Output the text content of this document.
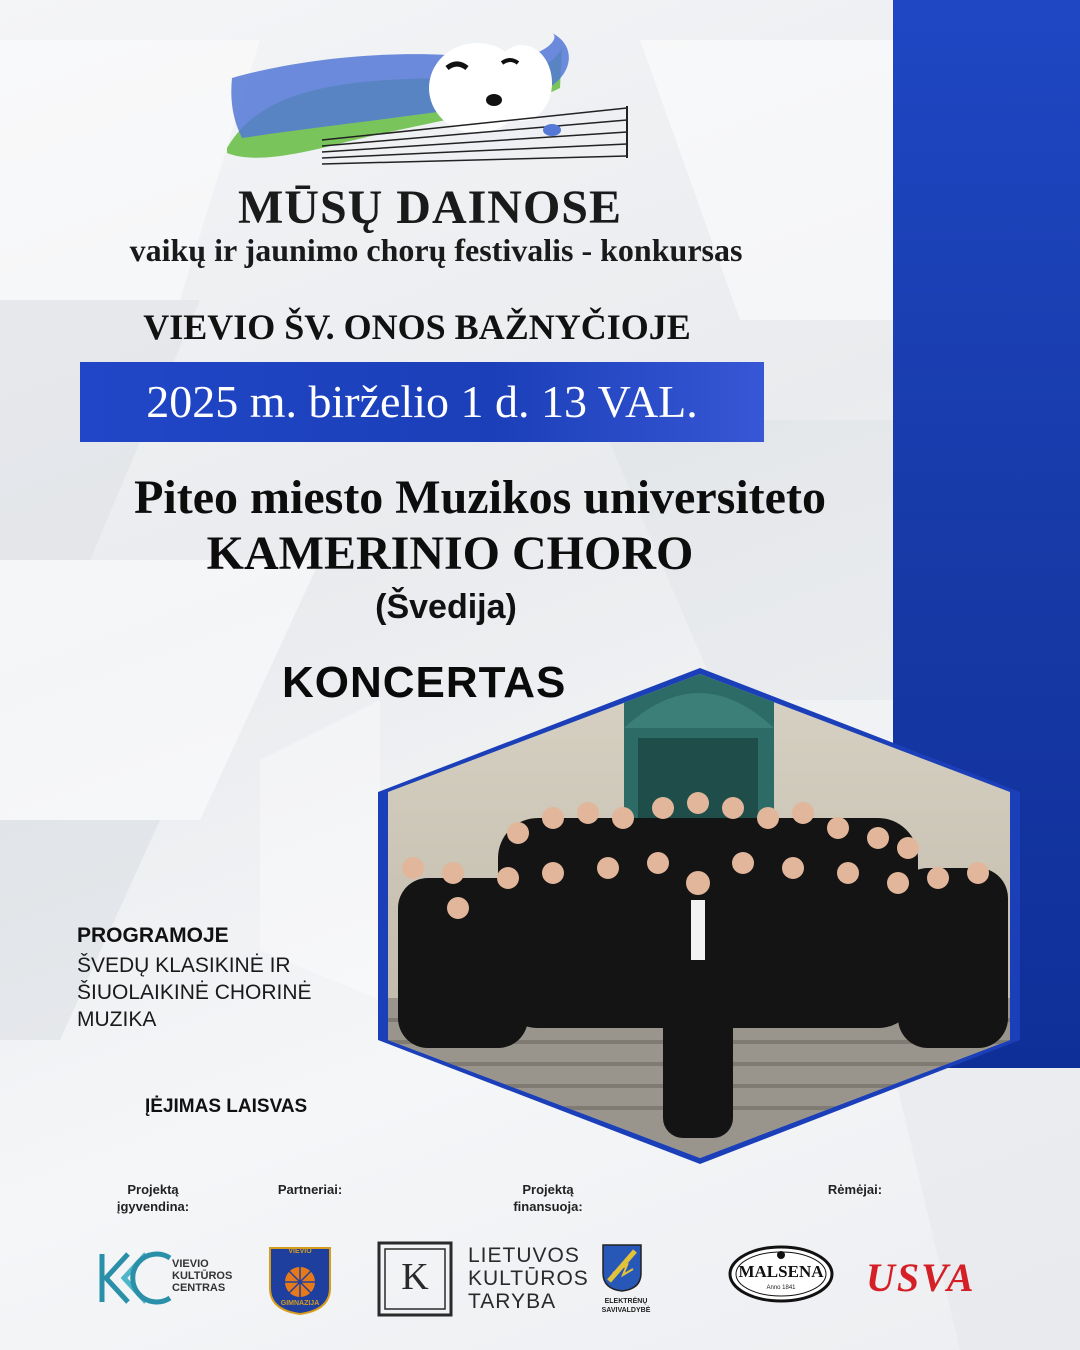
MŪSŲ DAINOSE
vaikų ir jaunimo chorų festivalis - konkursas
VIEVIO ŠV. ONOS BAŽNYČIOJE
2025 m. birželio 1 d. 13 VAL.
Piteo miesto Muzikos universiteto
KAMERINIO CHORO
(Švedija)
KONCERTAS
PROGRAMOJE
ŠVEDŲ KLASIKINĖ IR ŠIUOLAIKINĖ CHORINĖ MUZIKA
ĮĖJIMAS LAISVAS
Projektą įgyvendina:
Partneriai:	Projektą finansuoja:
Rėmėjai:
VIEVIO KULTŪROS CENTRAS
VIEVIO
GIMNAZIJA
K
LIETUVOS KULTŪROS TARYBA	ELEKTRĖNŲ SAVIVALDYBĖ
MALSENA
Anno 1841	USVA
